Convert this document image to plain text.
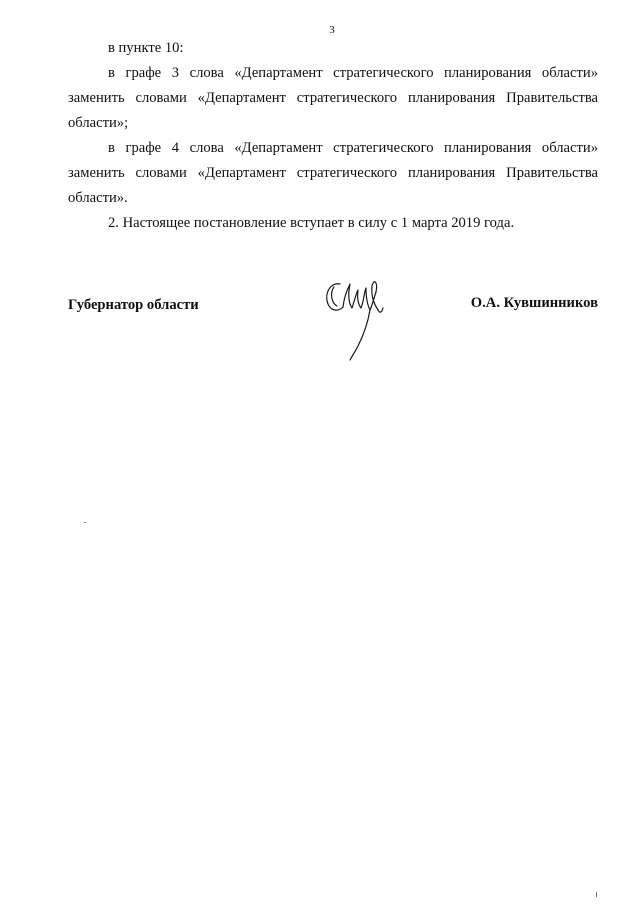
3

в пункте 10:

в графе 3 слова «Департамент стратегического планирования области» заменить словами «Департамент стратегического планирования Правительства области»;

в графе 4 слова «Департамент стратегического планирования области» заменить словами «Департамент стратегического планирования Правительства области».

2. Настоящее постановление вступает в силу с 1 марта 2019 года.

Губернатор области	О.А. Кувшинников
